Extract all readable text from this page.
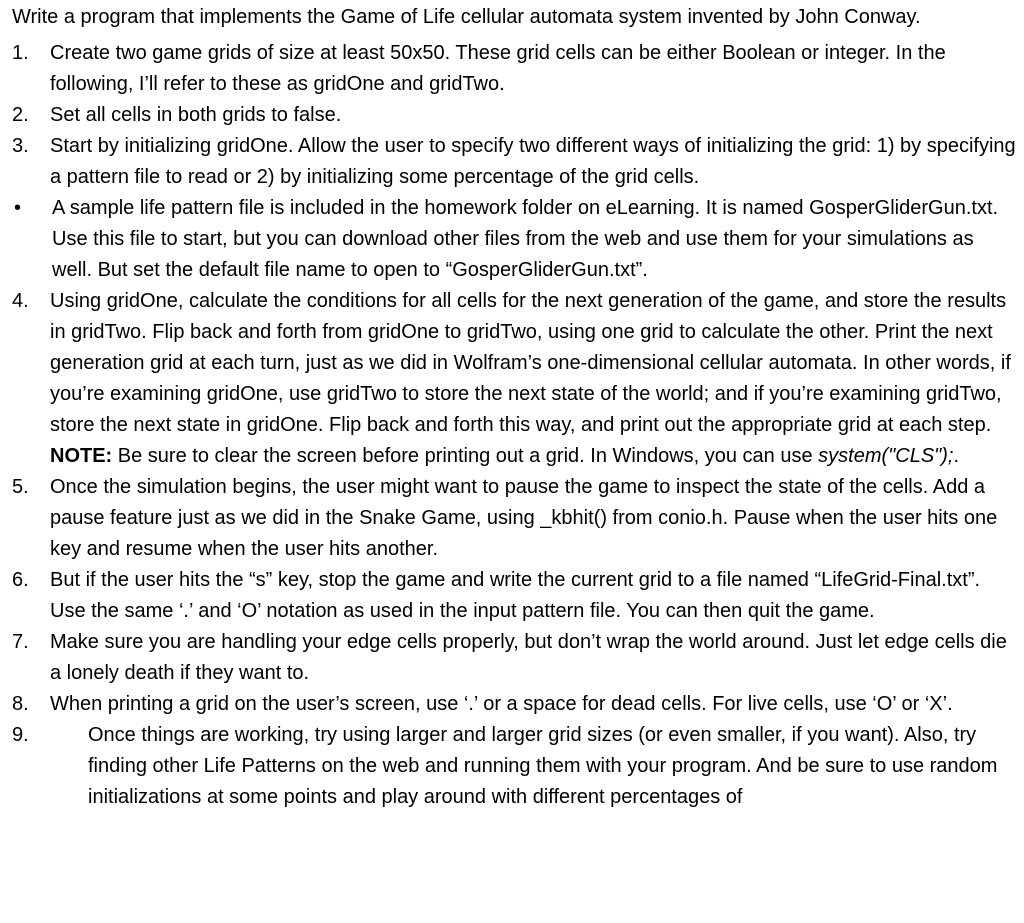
Write a program that implements the Game of Life cellular automata system invented by John Conway.

1.	Create two game grids of size at least 50x50. These grid cells can be either Boolean or integer. In the following, I’ll refer to these as gridOne and gridTwo.
2.	Set all cells in both grids to false.
3.	Start by initializing gridOne. Allow the user to specify two different ways of initializing the grid: 1) by specifying a pattern file to read or 2) by initializing some percentage of the grid cells.
•	A sample life pattern file is included in the homework folder on eLearning. It is named GosperGliderGun.txt. Use this file to start, but you can download other files from the web and use them for your simulations as well. But set the default file name to open to “GosperGliderGun.txt”.
4.	Using gridOne, calculate the conditions for all cells for the next generation of the game, and store the results in gridTwo. Flip back and forth from gridOne to gridTwo, using one grid to calculate the other. Print the next generation grid at each turn, just as we did in Wolfram’s one-dimensional cellular automata. In other words, if you’re examining gridOne, use gridTwo to store the next state of the world; and if you’re examining gridTwo, store the next state in gridOne. Flip back and forth this way, and print out the appropriate grid at each step. NOTE: Be sure to clear the screen before printing out a grid. In Windows, you can use system("CLS");.
5.	Once the simulation begins, the user might want to pause the game to inspect the state of the cells. Add a pause feature just as we did in the Snake Game, using _kbhit() from conio.h. Pause when the user hits one key and resume when the user hits another.
6.	But if the user hits the “s” key, stop the game and write the current grid to a file named “LifeGrid-Final.txt”. Use the same ‘.’ and ‘O’ notation as used in the input pattern file. You can then quit the game.
7.	Make sure you are handling your edge cells properly, but don’t wrap the world around. Just let edge cells die a lonely death if they want to.
8.	When printing a grid on the user’s screen, use ‘.’ or a space for dead cells. For live cells, use ‘O’ or ‘X’.
9.	Once things are working, try using larger and larger grid sizes (or even smaller, if you want). Also, try finding other Life Patterns on the web and running them with your program. And be sure to use random initializations at some points and play around with different percentages of
